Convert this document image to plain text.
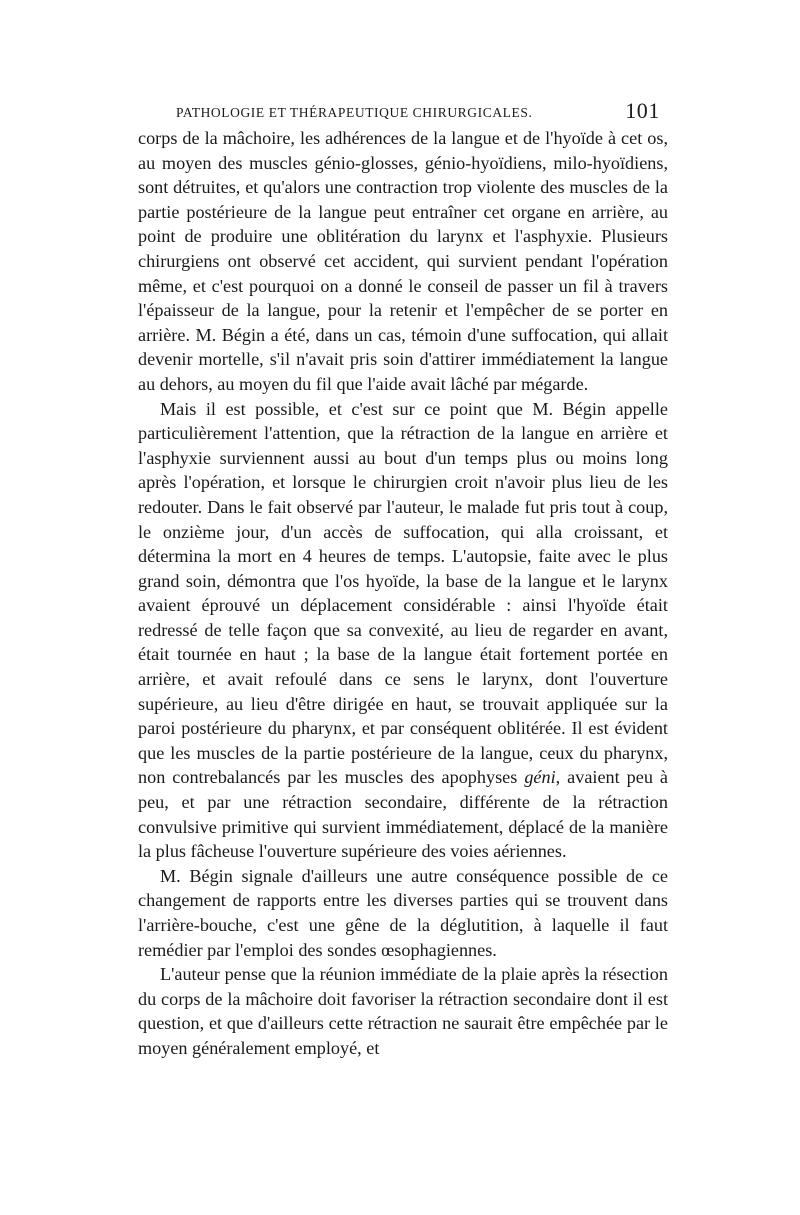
PATHOLOGIE ET THÉRAPEUTIQUE CHIRURGICALES.	101

corps de la mâchoire, les adhérences de la langue et de l'hyoïde à cet os, au moyen des muscles génio-glosses, génio-hyoïdiens, milo-hyoïdiens, sont détruites, et qu'alors une contraction trop violente des muscles de la partie postérieure de la langue peut entraîner cet organe en arrière, au point de produire une oblitération du larynx et l'asphyxie. Plusieurs chirurgiens ont observé cet accident, qui survient pendant l'opération même, et c'est pourquoi on a donné le conseil de passer un fil à travers l'épaisseur de la langue, pour la retenir et l'empêcher de se porter en arrière. M. Bégin a été, dans un cas, témoin d'une suffocation, qui allait devenir mortelle, s'il n'avait pris soin d'attirer immédiatement la langue au dehors, au moyen du fil que l'aide avait lâché par mégarde.

Mais il est possible, et c'est sur ce point que M. Bégin appelle particulièrement l'attention, que la rétraction de la langue en arrière et l'asphyxie surviennent aussi au bout d'un temps plus ou moins long après l'opération, et lorsque le chirurgien croit n'avoir plus lieu de les redouter. Dans le fait observé par l'auteur, le malade fut pris tout à coup, le onzième jour, d'un accès de suffocation, qui alla croissant, et détermina la mort en 4 heures de temps. L'autopsie, faite avec le plus grand soin, démontra que l'os hyoïde, la base de la langue et le larynx avaient éprouvé un déplacement considérable : ainsi l'hyoïde était redressé de telle façon que sa convexité, au lieu de regarder en avant, était tournée en haut ; la base de la langue était fortement portée en arrière, et avait refoulé dans ce sens le larynx, dont l'ouverture supérieure, au lieu d'être dirigée en haut, se trouvait appliquée sur la paroi postérieure du pharynx, et par conséquent oblitérée. Il est évident que les muscles de la partie postérieure de la langue, ceux du pharynx, non contrebalancés par les muscles des apophyses géni, avaient peu à peu, et par une rétraction secondaire, différente de la rétraction convulsive primitive qui survient immédiatement, déplacé de la manière la plus fâcheuse l'ouverture supérieure des voies aériennes.

M. Bégin signale d'ailleurs une autre conséquence possible de ce changement de rapports entre les diverses parties qui se trouvent dans l'arrière-bouche, c'est une gêne de la déglutition, à laquelle il faut remédier par l'emploi des sondes œsophagiennes.

L'auteur pense que la réunion immédiate de la plaie après la résection du corps de la mâchoire doit favoriser la rétraction secondaire dont il est question, et que d'ailleurs cette rétraction ne saurait être empêchée par le moyen généralement employé, et
